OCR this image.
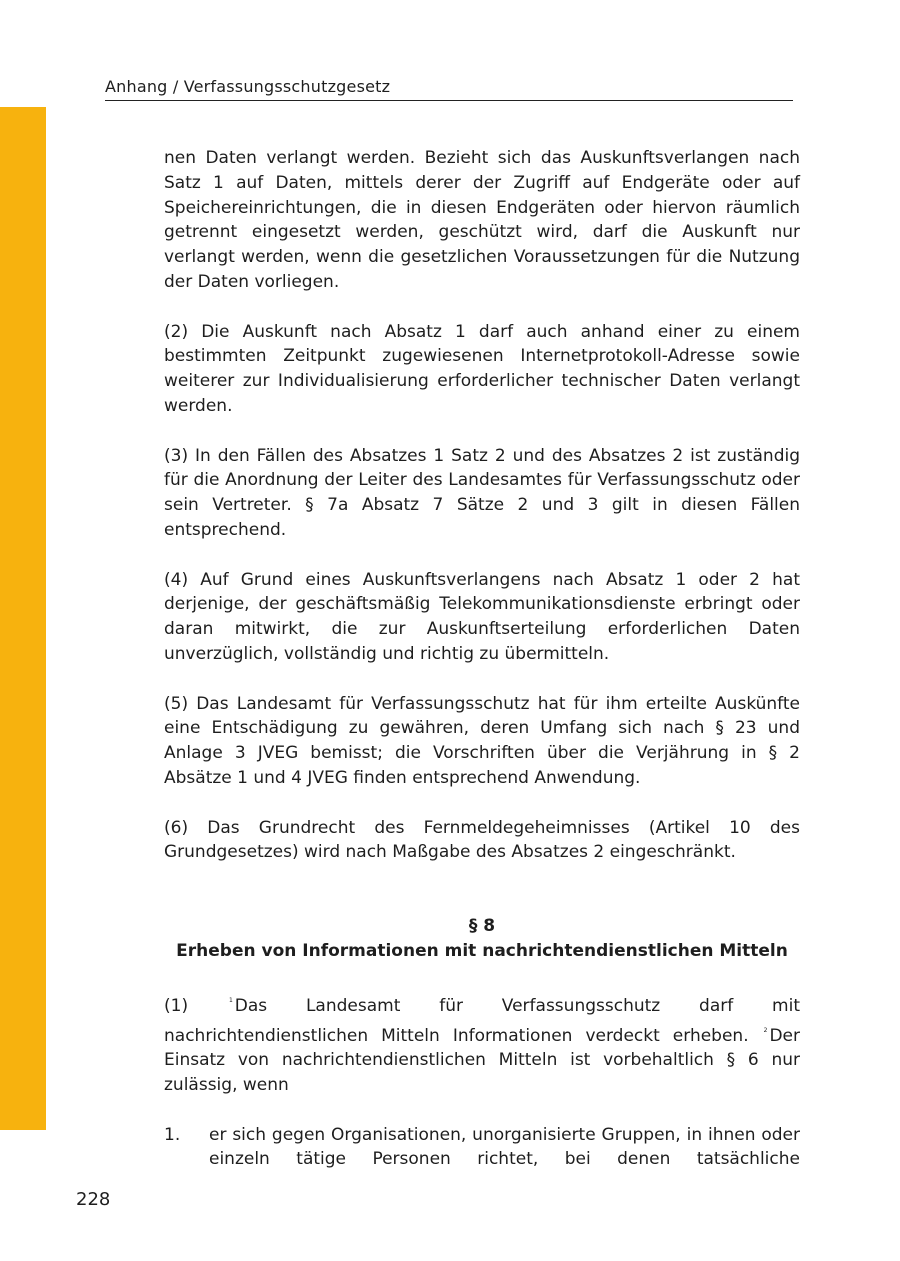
Anhang / Verfassungsschutzgesetz

nen Daten verlangt werden. Bezieht sich das Auskunftsverlangen nach Satz 1 auf Daten, mittels derer der Zugriff auf Endgeräte oder auf Speichereinrichtungen, die in diesen Endgeräten oder hiervon räumlich getrennt eingesetzt werden, geschützt wird, darf die Auskunft nur verlangt werden, wenn die gesetzlichen Voraussetzungen für die Nutzung der Daten vorliegen.

(2) Die Auskunft nach Absatz 1 darf auch anhand einer zu einem bestimmten Zeitpunkt zugewiesenen Internetprotokoll-Adresse sowie weiterer zur Individualisierung erforderlicher technischer Daten verlangt werden.

(3) In den Fällen des Absatzes 1 Satz 2 und des Absatzes 2 ist zuständig für die Anordnung der Leiter des Landesamtes für Verfassungsschutz oder sein Vertreter. § 7a Absatz 7 Sätze 2 und 3 gilt in diesen Fällen entsprechend.

(4) Auf Grund eines Auskunftsverlangens nach Absatz 1 oder 2 hat derjenige, der geschäftsmäßig Telekommunikationsdienste erbringt oder daran mitwirkt, die zur Auskunftserteilung erforderlichen Daten unverzüglich, vollständig und richtig zu übermitteln.

(5) Das Landesamt für Verfassungsschutz hat für ihm erteilte Auskünfte eine Entschädigung zu gewähren, deren Umfang sich nach § 23 und Anlage 3 JVEG bemisst; die Vorschriften über die Verjährung in § 2 Absätze 1 und 4 JVEG finden entsprechend Anwendung.

(6) Das Grundrecht des Fernmeldegeheimnisses (Artikel 10 des Grundgesetzes) wird nach Maßgabe des Absatzes 2 eingeschränkt.

§ 8
Erheben von Informationen mit nachrichtendienstlichen Mitteln

(1)	$^1$ Das Landesamt für Verfassungsschutz darf mit nachrichtendienstlichen Mitteln Informationen verdeckt erheben.	$^2$ Der Einsatz von nachrichtendienstlichen Mitteln ist vorbehaltlich § 6 nur zulässig, wenn

1.	er sich gegen Organisationen, unorganisierte Gruppen, in ihnen oder einzeln tätige Personen richtet, bei denen tatsächliche
228
